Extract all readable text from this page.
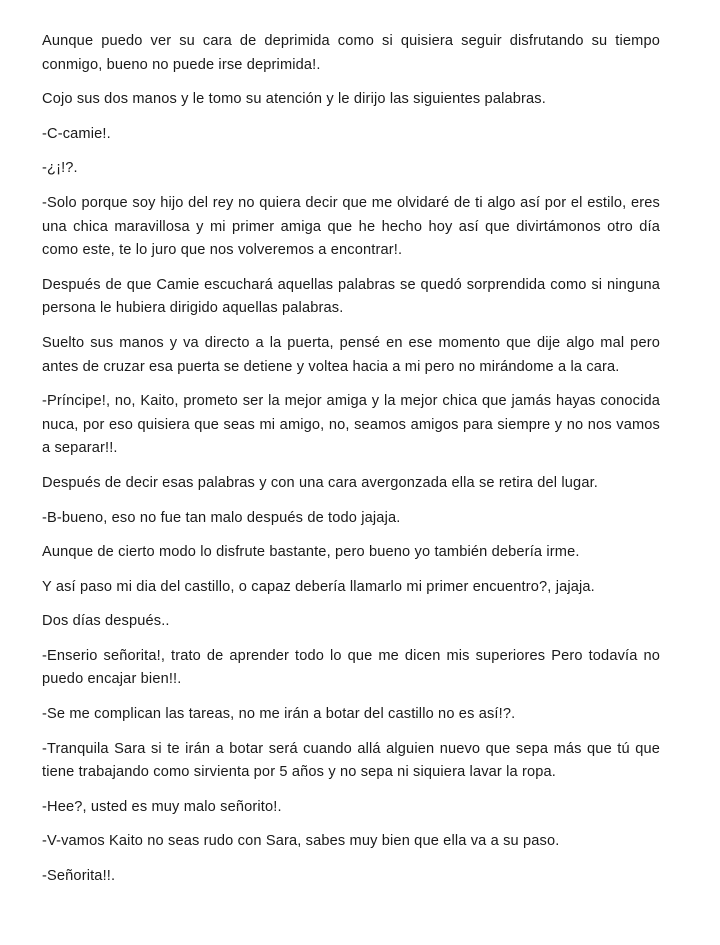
Aunque puedo ver su cara de deprimida como si quisiera seguir disfrutando su tiempo conmigo, bueno no puede irse deprimida!.

Cojo sus dos manos y le tomo su atención y le dirijo las siguientes palabras.

-C-camie!.

-¿¡!?.

-Solo porque soy hijo del rey no quiera decir que me olvidaré de ti algo así por el estilo, eres una chica maravillosa y mi primer amiga que he hecho hoy así que divirtámonos otro día como este, te lo juro que nos volveremos a encontrar!.

Después de que Camie escuchará aquellas palabras se quedó sorprendida como si ninguna persona le hubiera dirigido aquellas palabras.

Suelto sus manos y va directo a la puerta, pensé en ese momento que dije algo mal pero antes de cruzar esa puerta se detiene y voltea hacia a mi pero no mirándome a la cara.

-Príncipe!, no, Kaito, prometo ser la mejor amiga y la mejor chica que jamás hayas conocida nuca, por eso quisiera que seas mi amigo, no, seamos amigos para siempre y no nos vamos a separar!!.

Después de decir esas palabras y con una cara avergonzada ella se retira del lugar.

-B-bueno, eso no fue tan malo después de todo jajaja.

Aunque de cierto modo lo disfrute bastante, pero bueno yo también debería irme.

Y así paso mi dia del castillo, o capaz debería llamarlo mi primer encuentro?, jajaja.

Dos días después..

-Enserio señorita!, trato de aprender todo lo que me dicen mis superiores Pero todavía no puedo encajar bien!!.

-Se me complican las tareas, no me irán a botar del castillo no es así!?.

-Tranquila Sara si te irán a botar será cuando allá alguien nuevo que sepa más que tú que tiene trabajando como sirvienta por 5 años y no sepa ni siquiera lavar la ropa.

-Hee?, usted es muy malo señorito!.

-V-vamos Kaito no seas rudo con Sara, sabes muy bien que ella va a su paso.

-Señorita!!.
